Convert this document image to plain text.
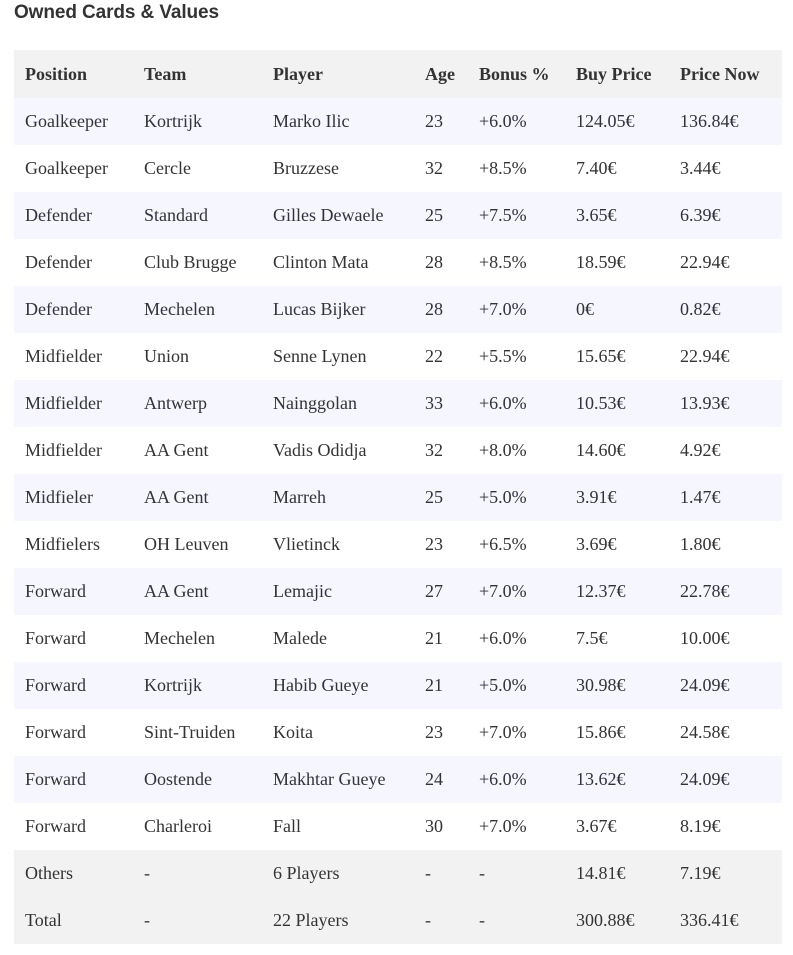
Owned Cards & Values
Position	Team	Player	Age	Bonus %	Buy Price	Price Now
Goalkeeper	Kortrijk	Marko Ilic	23	+6.0%	124.05€	136.84€
Goalkeeper	Cercle	Bruzzese	32	+8.5%	7.40€	3.44€
Defender	Standard	Gilles Dewaele	25	+7.5%	3.65€	6.39€
Defender	Club Brugge	Clinton Mata	28	+8.5%	18.59€	22.94€
Defender	Mechelen	Lucas Bijker	28	+7.0%	0€	0.82€
Midfielder	Union	Senne Lynen	22	+5.5%	15.65€	22.94€
Midfielder	Antwerp	Nainggolan	33	+6.0%	10.53€	13.93€
Midfielder	AA Gent	Vadis Odidja	32	+8.0%	14.60€	4.92€
Midfieler	AA Gent	Marreh	25	+5.0%	3.91€	1.47€
Midfielers	OH Leuven	Vlietinck	23	+6.5%	3.69€	1.80€
Forward	AA Gent	Lemajic	27	+7.0%	12.37€	22.78€
Forward	Mechelen	Malede	21	+6.0%	7.5€	10.00€
Forward	Kortrijk	Habib Gueye	21	+5.0%	30.98€	24.09€
Forward	Sint-Truiden	Koita	23	+7.0%	15.86€	24.58€
Forward	Oostende	Makhtar Gueye	24	+6.0%	13.62€	24.09€
Forward	Charleroi	Fall	30	+7.0%	3.67€	8.19€
Others	-	6 Players	-	-	14.81€	7.19€
Total	-	22 Players	-	-	300.88€	336.41€
